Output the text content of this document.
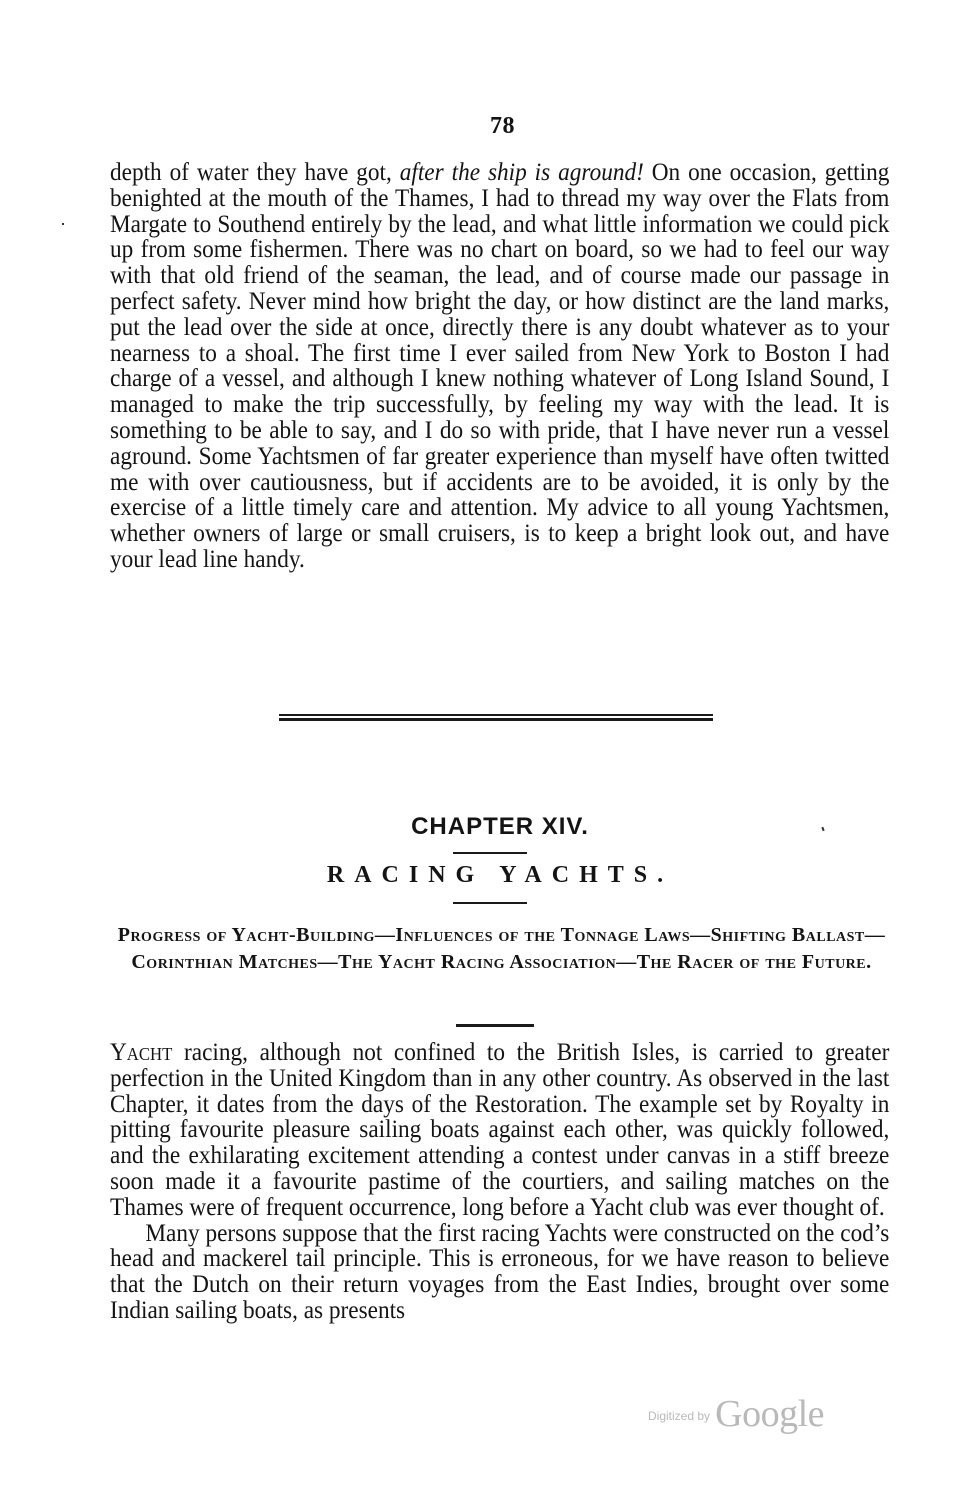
78

depth of water they have got, after the ship is aground! On one occasion, getting benighted at the mouth of the Thames, I had to thread my way over the Flats from Margate to Southend entirely by the lead, and what little information we could pick up from some fishermen. There was no chart on board, so we had to feel our way with that old friend of the seaman, the lead, and of course made our passage in perfect safety. Never mind how bright the day, or how distinct are the land marks, put the lead over the side at once, directly there is any doubt whatever as to your nearness to a shoal. The first time I ever sailed from New York to Boston I had charge of a vessel, and although I knew nothing whatever of Long Island Sound, I managed to make the trip successfully, by feeling my way with the lead. It is something to be able to say, and I do so with pride, that I have never run a vessel aground. Some Yachtsmen of far greater experience than myself have often twitted me with over cautiousness, but if accidents are to be avoided, it is only by the exercise of a little timely care and attention. My advice to all young Yachtsmen, whether owners of large or small cruisers, is to keep a bright look out, and have your lead line handy.

CHAPTER XIV.
RACING YACHTS.
Progress of Yacht-Building—Influences of the Tonnage Laws—Shifting Ballast—Corinthian Matches—The Yacht Racing Association—The Racer of the Future.

Yacht racing, although not confined to the British Isles, is carried to greater perfection in the United Kingdom than in any other country. As observed in the last Chapter, it dates from the days of the Restoration. The example set by Royalty in pitting favourite pleasure sailing boats against each other, was quickly followed, and the exhilarating excitement attending a contest under canvas in a stiff breeze soon made it a favourite pastime of the courtiers, and sailing matches on the Thames were of frequent occurrence, long before a Yacht club was ever thought of.

Many persons suppose that the first racing Yachts were constructed on the cod’s head and mackerel tail principle. This is erroneous, for we have reason to believe that the Dutch on their return voyages from the East Indies, brought over some Indian sailing boats, as presents

$^{Digitized by}$ Google
